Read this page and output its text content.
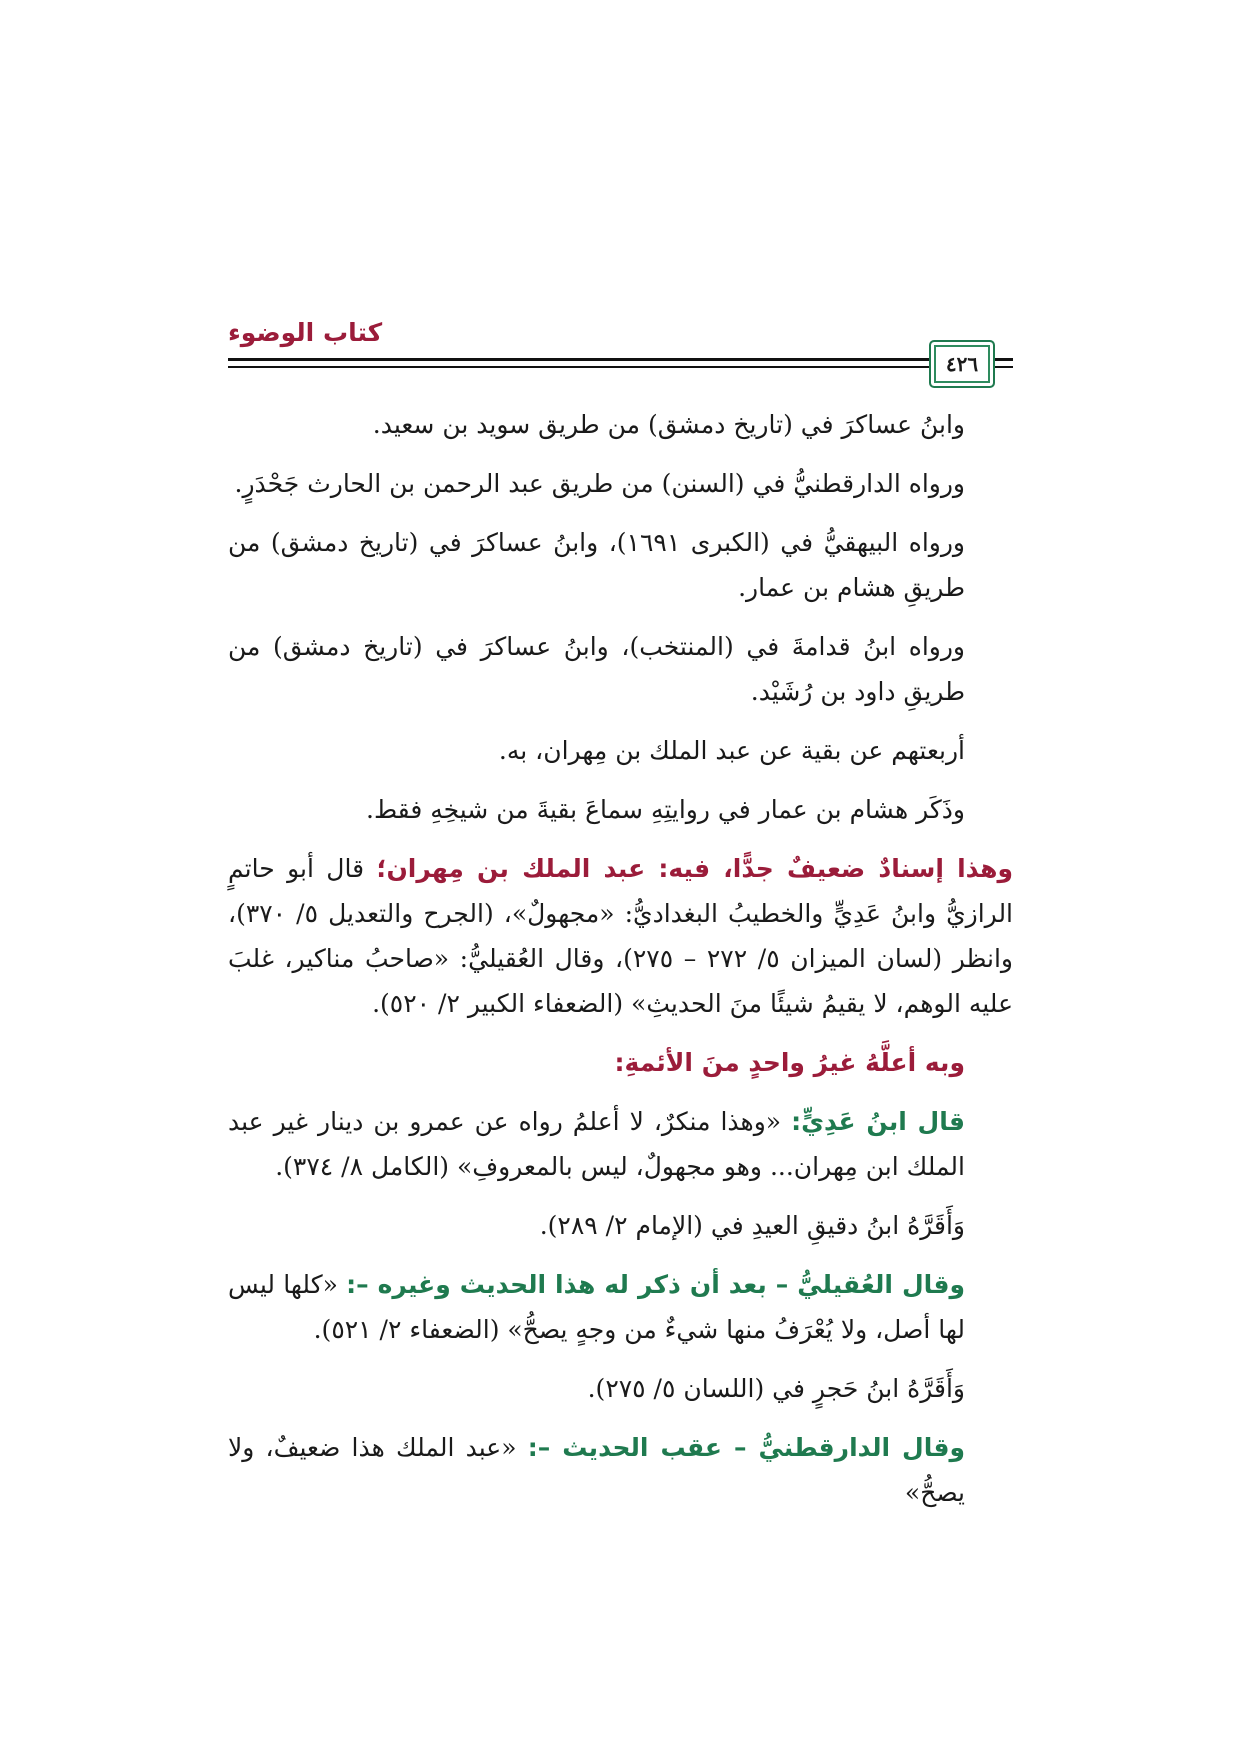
كتاب الوضوء
٤٢٦

وابنُ عساكرَ في (تاريخ دمشق) من طريق سويد بن سعيد.

ورواه الدارقطنيُّ في (السنن) من طريق عبد الرحمن بن الحارث جَحْدَرٍ.

ورواه البيهقيُّ في (الكبرى ١٦٩١)، وابنُ عساكرَ في (تاريخ دمشق) من طريقِ هشام بن عمار.

ورواه ابنُ قدامةَ في (المنتخب)، وابنُ عساكرَ في (تاريخ دمشق) من طريقِ داود بن رُشَيْد.

أربعتهم عن بقية عن عبد الملك بن مِهران، به.

وذَكَر هشام بن عمار في روايتِهِ سماعَ بقيةَ من شيخِهِ فقط.

وهذا إسنادٌ ضعيفٌ جدًّا، فيه: عبد الملك بن مِهران؛ قال أبو حاتمٍ الرازيُّ وابنُ عَدِيٍّ والخطيبُ البغداديُّ: «مجهولٌ»، (الجرح والتعديل ٥/ ٣٧٠)، وانظر (لسان الميزان ٥/ ٢٧٢ – ٢٧٥)، وقال العُقيليُّ: «صاحبُ مناكير، غلبَ عليه الوهم، لا يقيمُ شيئًا منَ الحديثِ» (الضعفاء الكبير ٢/ ٥٢٠).

وبه أعلَّهُ غيرُ واحدٍ منَ الأئمةِ:

قال ابنُ عَدِيٍّ: «وهذا منكرٌ، لا أعلمُ رواه عن عمرو بن دينار غير عبد الملك ابن مِهران... وهو مجهولٌ، ليس بالمعروفِ» (الكامل ٨/ ٣٧٤).

وَأَقَرَّهُ ابنُ دقيقِ العيدِ في (الإمام ٢/ ٢٨٩).

وقال العُقيليُّ – بعد أن ذكر له هذا الحديث وغيره –: «كلها ليس لها أصل، ولا يُعْرَفُ منها شيءٌ من وجهٍ يصحُّ» (الضعفاء ٢/ ٥٢١).

وَأَقَرَّهُ ابنُ حَجرٍ في (اللسان ٥/ ٢٧٥).

وقال الدارقطنيُّ – عقب الحديث –: «عبد الملك هذا ضعيفٌ، ولا يصحُّ»
